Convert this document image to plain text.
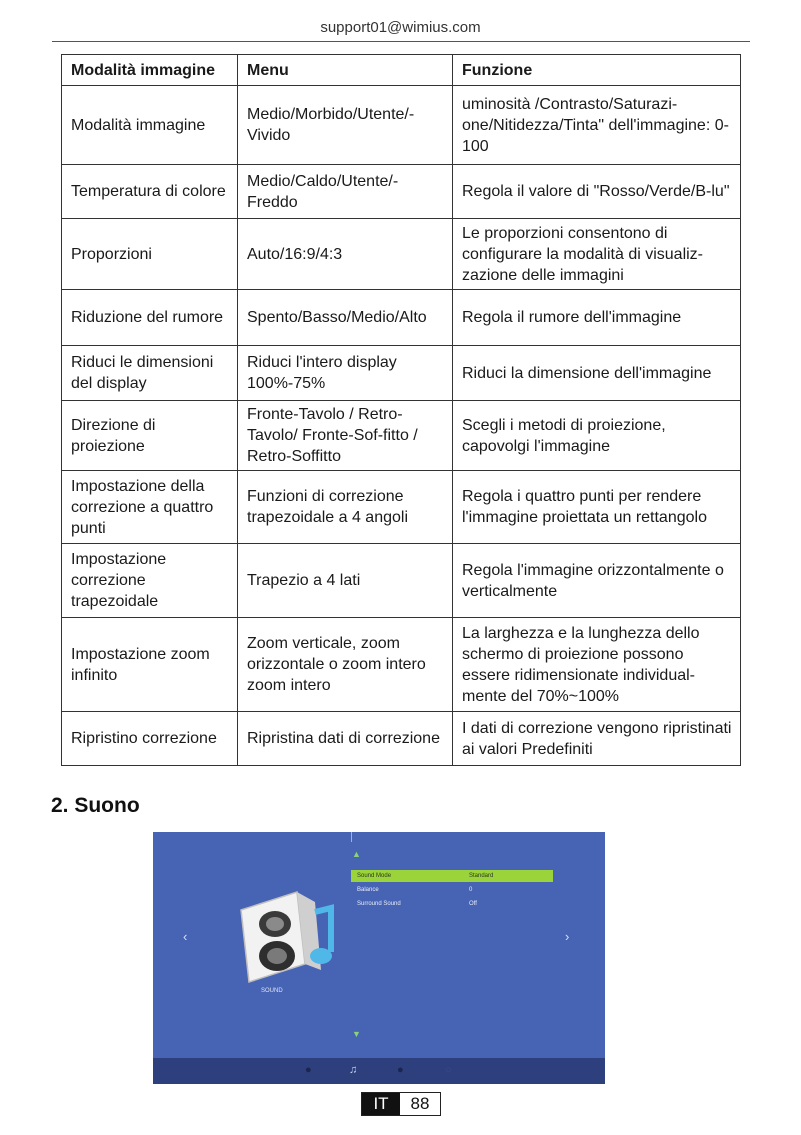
support01@wimius.com
Modalità immagine	Menu	Funzione
Modalità immagine	Medio/Morbido/Utente/-Vivido	uminosità /Contrasto/Saturazi-one/Nitidezza/Tinta" dell'immagine: 0-100
Temperatura di colore	Medio/Caldo/Utente/-Freddo	Regola il valore di "Rosso/Verde/B-lu"
Proporzioni	Auto/16:9/4:3	Le proporzioni consentono di configurare la modalità di visualiz-zazione delle immagini
Riduzione del rumore	Spento/Basso/Medio/Alto	Regola il rumore dell'immagine
Riduci le dimensioni del display	Riduci l'intero display 100%-75%	Riduci la dimensione dell'immagine
Direzione di proiezione	Fronte-Tavolo / Retro-Tavolo/ Fronte-Sof-fitto / Retro-Soffitto	Scegli i metodi di proiezione, capovolgi l'immagine
Impostazione della correzione a quattro punti	Funzioni di correzione trapezoidale a 4 angoli	Regola i quattro punti per rendere l'immagine proiettata un rettangolo
Impostazione correzione trapezoidale	Trapezio a 4 lati	Regola l'immagine orizzontalmente o verticalmente
Impostazione zoom infinito	Zoom verticale, zoom orizzontale o zoom intero zoom intero	La larghezza e la lunghezza dello schermo di proiezione possono essere ridimensionate individual-mente del 70%~100%
Ripristino correzione	Ripristina dati di correzione	I dati di correzione vengono ripristinati ai valori Predefiniti
2. Suono
▲
‹	›
Sound Mode	Standard
Balance	0
Surround Sound	Off
SOUND
▼
●	♫	●	○
IT	88
